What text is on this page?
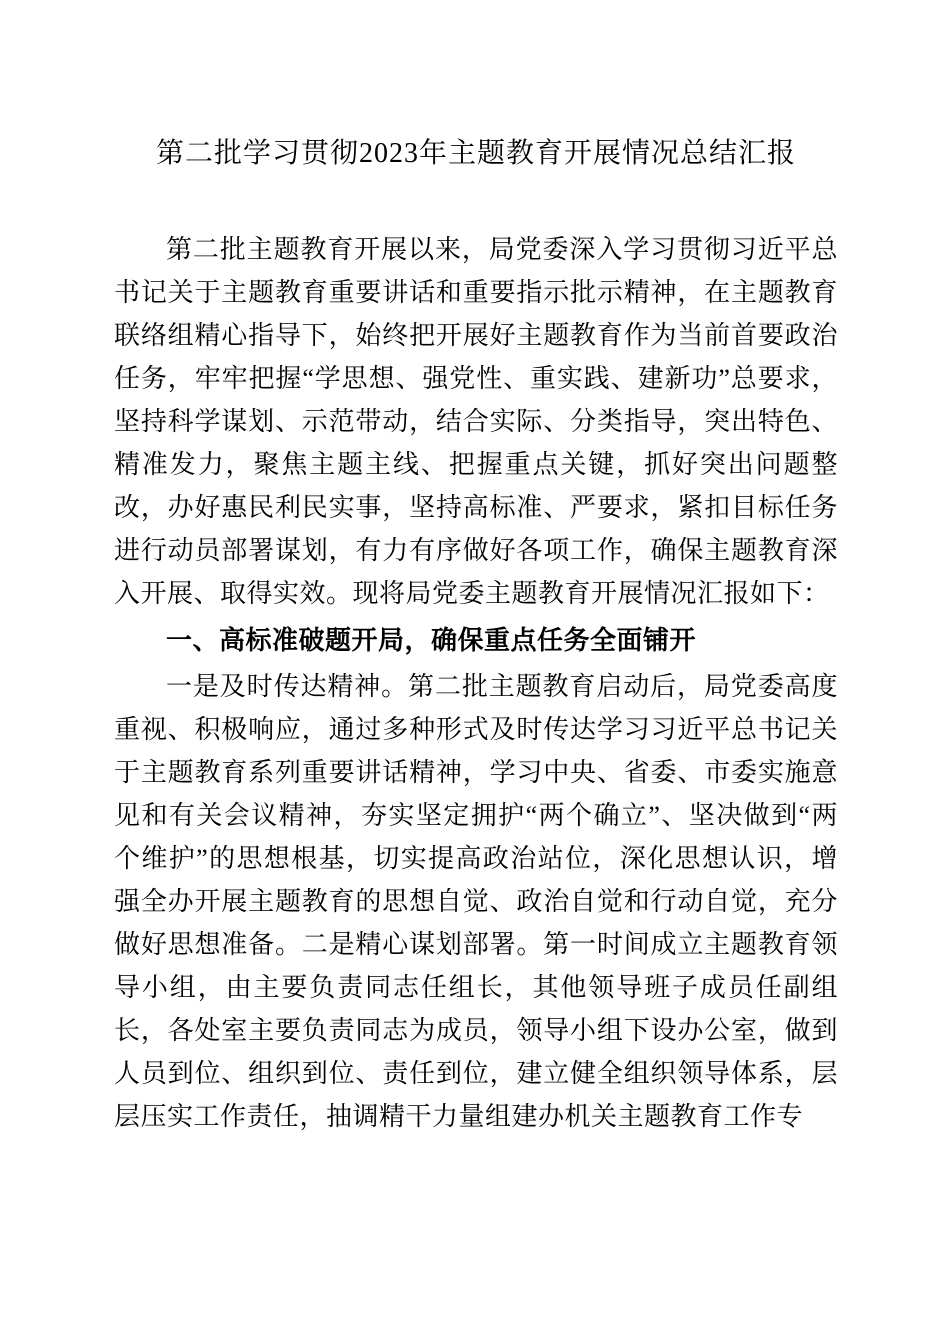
第二批学习贯彻2023年主题教育开展情况总结汇报

第二批主题教育开展以来，局党委深入学习贯彻习近平总书记关于主题教育重要讲话和重要指示批示精神，在主题教育联络组精心指导下，始终把开展好主题教育作为当前首要政治任务，牢牢把握“学思想、强党性、重实践、建新功”总要求，坚持科学谋划、示范带动，结合实际、分类指导，突出特色、精准发力，聚焦主题主线、把握重点关键，抓好突出问题整改，办好惠民利民实事，坚持高标准、严要求，紧扣目标任务进行动员部署谋划，有力有序做好各项工作，确保主题教育深入开展、取得实效。现将局党委主题教育开展情况汇报如下：

一、高标准破题开局，确保重点任务全面铺开

一是及时传达精神。第二批主题教育启动后，局党委高度重视、积极响应，通过多种形式及时传达学习习近平总书记关于主题教育系列重要讲话精神，学习中央、省委、市委实施意见和有关会议精神，夯实坚定拥护“两个确立”、坚决做到“两个维护”的思想根基，切实提高政治站位，深化思想认识，增强全办开展主题教育的思想自觉、政治自觉和行动自觉，充分做好思想准备。二是精心谋划部署。第一时间成立主题教育领导小组，由主要负责同志任组长，其他领导班子成员任副组长，各处室主要负责同志为成员，领导小组下设办公室，做到人员到位、组织到位、责任到位，建立健全组织领导体系，层层压实工作责任，抽调精干力量组建办机关主题教育工作专
